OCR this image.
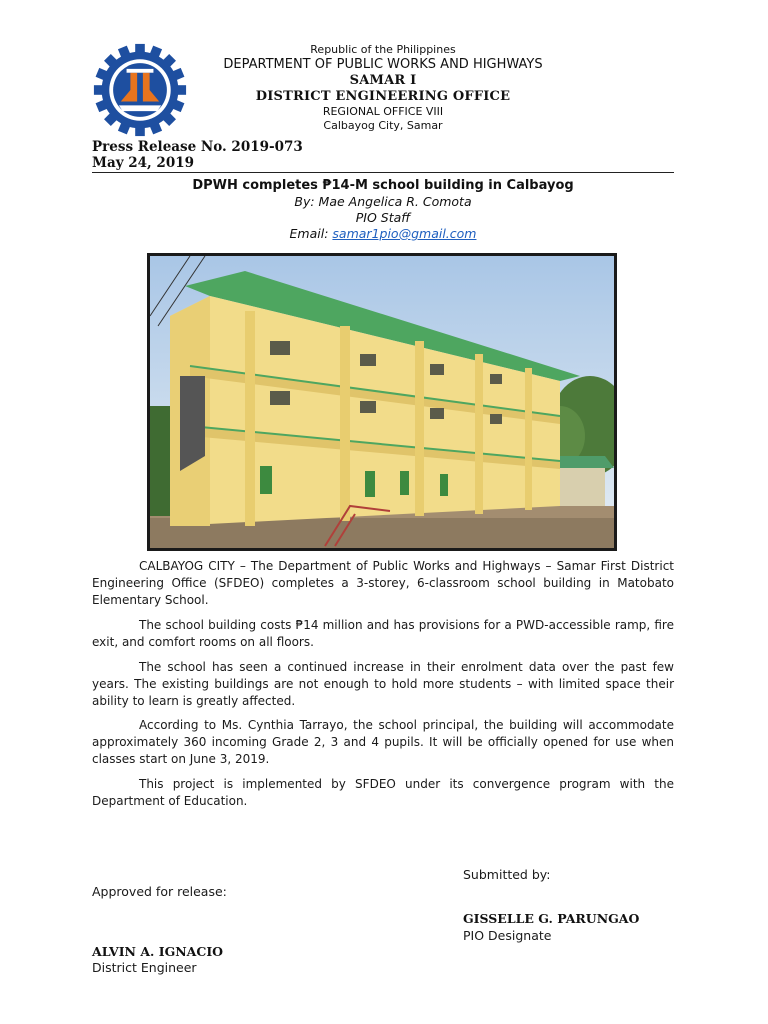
Republic of the Philippines
DEPARTMENT OF PUBLIC WORKS AND HIGHWAYS
SAMAR I
DISTRICT ENGINEERING OFFICE
REGIONAL OFFICE VIII
Calbayog City, Samar
Press Release No. 2019-073
May 24, 2019
DPWH completes ₱14-M school building in Calbayog
By: Mae Angelica R. Comota
PIO Staff
Email: samar1pio@gmail.com
CALBAYOG CITY – The Department of Public Works and Highways – Samar First District Engineering Office (SFDEO) completes a 3-storey, 6-classroom school building in Matobato Elementary School.
The school building costs ₱14 million and has provisions for a PWD-accessible ramp, fire exit, and comfort rooms on all floors.
The school has seen a continued increase in their enrolment data over the past few years. The existing buildings are not enough to hold more students – with limited space their ability to learn is greatly affected.
According to Ms. Cynthia Tarrayo, the school principal, the building will accommodate approximately 360 incoming Grade 2, 3 and 4 pupils. It will be officially opened for use when classes start on June 3, 2019.
This project is implemented by SFDEO under its convergence program with the Department of Education.
Submitted by:
Approved for release:
GISSELLE G. PARUNGAO
PIO Designate
ALVIN A. IGNACIO
District Engineer
